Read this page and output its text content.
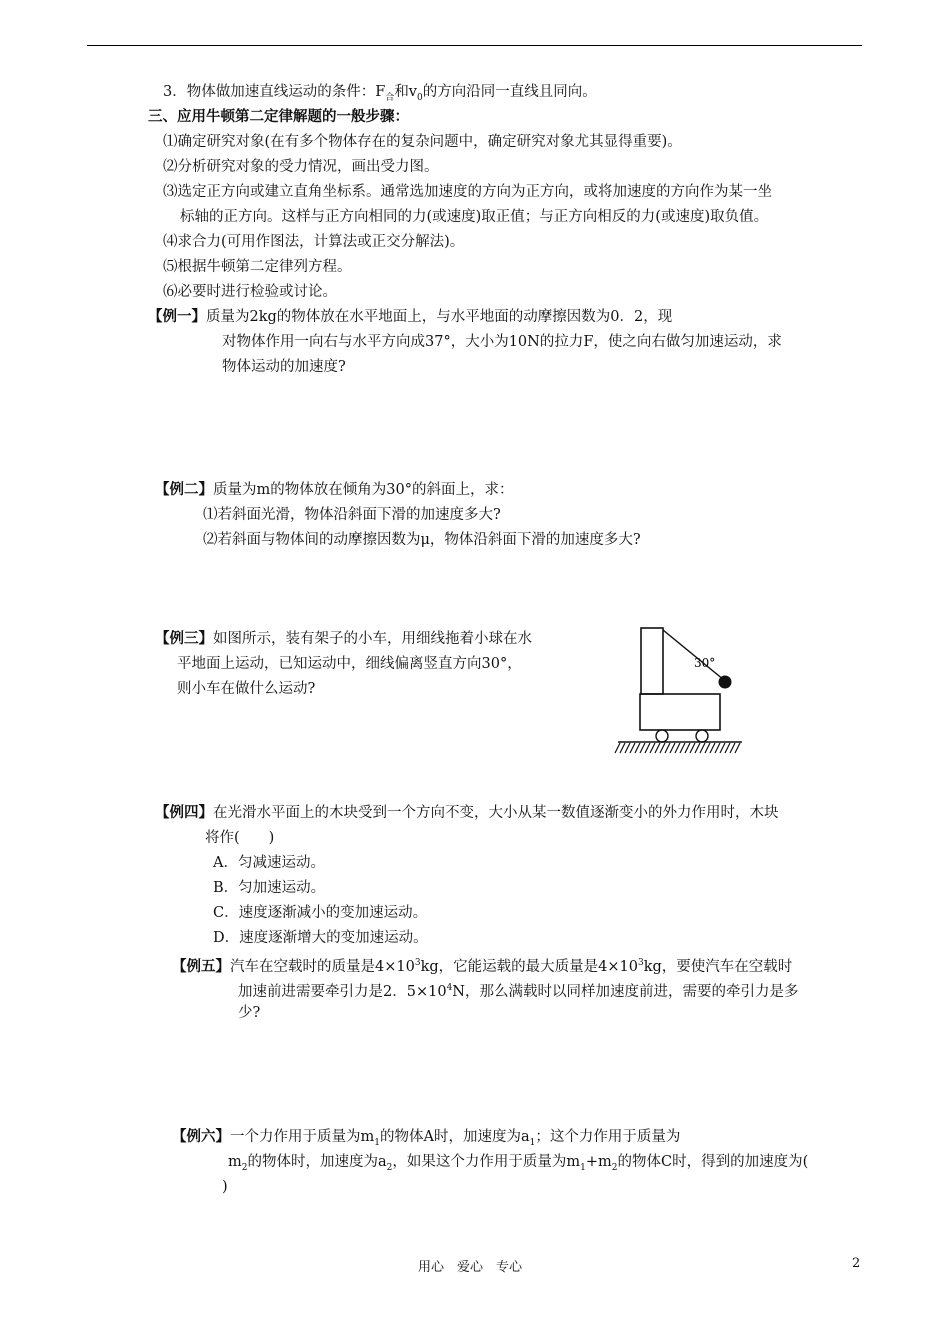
3．物体做加速直线运动的条件：$F_合$和$v_0$的方向沿同一直线且同向。
三、应用牛顿第二定律解题的一般步骤：
⑴确定研究对象(在有多个物体存在的复杂问题中，确定研究对象尤其显得重要)。
⑵分析研究对象的受力情况，画出受力图。
⑶选定正方向或建立直角坐标系。通常选加速度的方向为正方向，或将加速度的方向作为某一坐
标轴的正方向。这样与正方向相同的力(或速度)取正值；与正方向相反的力(或速度)取负值。
⑷求合力(可用作图法，计算法或正交分解法)。
⑸根据牛顿第二定律列方程。
⑹必要时进行检验或讨论。
【例一】质量为2kg的物体放在水平地面上，与水平地面的动摩擦因数为0．2，现
对物体作用一向右与水平方向成37°，大小为10N的拉力F，使之向右做匀加速运动，求
物体运动的加速度?
【例二】质量为m的物体放在倾角为30°的斜面上，求：
⑴若斜面光滑，物体沿斜面下滑的加速度多大?
⑵若斜面与物体间的动摩擦因数为μ，物体沿斜面下滑的加速度多大?
【例三】如图所示，装有架子的小车，用细线拖着小球在水
平地面上运动，已知运动中，细线偏离竖直方向30°，
则小车在做什么运动?
30°
【例四】在光滑水平面上的木块受到一个方向不变，大小从某一数值逐渐变小的外力作用时，木块
将作(　　)
A．匀减速运动。
B．匀加速运动。
C．速度逐渐减小的变加速运动。
D．速度逐渐增大的变加速运动。
【例五】汽车在空载时的质量是$4\times 10^3kg$，它能运载的最大质量是$4\times 10^3kg$，要使汽车在空载时
加速前进需要牵引力是2．$5\times 10^4N$，那么满载时以同样加速度前进，需要的牵引力是多
少?
【例六】一个力作用于质量为$m_1$的物体A时，加速度为$a_1$；这个力作用于质量为
$m_2$的物体时，加速度为$a_2$，如果这个力作用于质量为$m_1+m_2$的物体C时，得到的加速度为(
)
用心　爱心　专心	2
